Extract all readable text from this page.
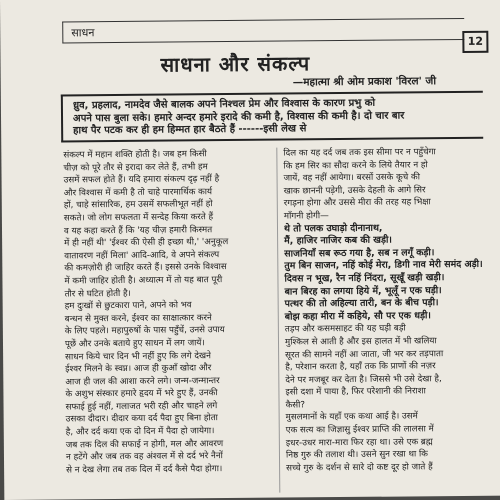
साधन
12
साधना और संकल्प
—महात्मा श्री ओम प्रकाश 'विरल' जी

ध्रुव, प्रहलाद, नामदेव जैसे बालक अपने निश्चल प्रेम और विश्वास के कारण प्रभु को

अपने पास बुला सके। हमारे अन्दर हमारे इरादे की कमी है, विश्वास की कमी है। दो चार बार

हाथ पैर पटक कर ही हम हिम्मत हार बैठते हैं ------इसी लेख से

संकल्प में महान शक्ति होती है। जब हम किसी

चीज़ को पूरे तौर से इरादा कर लेते हैं, तभी हम

उसमें सफल होते हैं। यदि हमारा संकल्प दृढ़ नहीं है

और विश्वास में कमी है तो चाहे पारमार्थिक कार्य

हों, चाहे सांसारिक, हम उसमें सफलीभूत नहीं हो

सकते। जो लोग सफलता में सन्देह किया करते हैं

व यह कहा करते हैं कि 'यह चीज़ हमारी किस्मत

में ही नहीं थी' 'ईश्वर की ऐसी ही इच्छा थी,' 'अनुकूल

वातावरण नहीं मिला' आदि-आदि, वे अपने संकल्प

की कमज़ोरी ही जाहिर करते हैं। इससे उनके विश्वास

में कमी जाहिर होती है। अध्यात्म में तो यह बात पूरी

तौर से घटित होती है।

हम दुःखों से छुटकारा पाने, अपने को भव

बन्धन से मुक्त करने, ईश्वर का साक्षात्कार करने

के लिए पहले। महापुरुषों के पास पहुँचें, उनसे उपाय

पूछें और उनके बताये हुए साधन में लग जायें।

साधन किये चार दिन भी नहीं हुए कि लगे देखने

ईश्वर मिलने के स्वप्न। आज ही कुआँ खोदा और

आज ही जल की आशा करने लगे। जन्म-जन्मान्तर

के अशुभ संस्कार हमारे हृदय में भरे हुए हैं, उनकी

सफाई हुई नहीं, गलाजत भरी रही और चाहने लगे

उसका दीदार। दीदार कया दर्द पैदा हुए बिना होता

है, और दर्द कया एक दो दिन में पैदा हो जायेगा।

जब तक दिल की सफाई न होगी, मल और आवरण

न हटेंगे और जब तक वह अंश्वल में से दर्द भरे नैनों

से न देख लेगा तब तक दिल में दर्द कैसे पैदा होगा।

दिल का यह दर्द जब तक इस सीमा पर न पहुँचेगा

कि हम सिर का सौदा करने के लिये तैयार न हो

जायें, वह नहीं आयेगा। बरसों उसके कूचे की

खाक छाननी पड़ेगी, उसके देहली के आगे सिर

रगड़ना होगा और उससे मीरा की तरह यह भिक्षा

माँगनी होगी—

थे तो पलक उघाड़ो दीनानाथ,

मैं, हाजिर नाजिर कब की खड़ी।

साजनियाँ सब रूठ गया है, सब न लगूँ कड़ी।

तुम बिन साजन, नहिं कोई मेरा, डिगी नाव मेरी समंद अड़ी।

दिवस न भूख, रैन नहिं निंदरा, सूखूँ खड़ी खड़ी।

बान बिरह का लगया हिये में, भूलूँ न एक घड़ी।

पत्थर की तो अहिल्या तारी, बन के बीच पड़ी।

बोझ कहा मीरा में कहिये, सौ पर एक धड़ी।

तड़प और कसमसाहट की यह घड़ी बड़ी

मुश्किल से आती है और इस हालत में भी खलिया

सूरत की सामने नहीं आ जाता, जी भर कर तड़पाता

है, परेशान करता है, यहाँ तक कि प्राणों की नज़र

देने पर मजबूर कर देता है। जिससे भी उसे देखा है,

इसी दशा में पाया है, फिर परेशानी की निराशा

कैसी?

मुसलमानों के यहाँ एक कथा आई है। उसमें

एक सत्य का जिज्ञासु ईश्वर प्राप्ति की लालसा में

इधर-उधर मारा-मारा फिर रहा था। उसे एक ब्रह्म

निष्ठ गुरु की तलाश थी। उसने सुन रखा था कि

सच्चे गुरु के दर्शन से सारे दो कष्ट दूर हो जाते हैं
